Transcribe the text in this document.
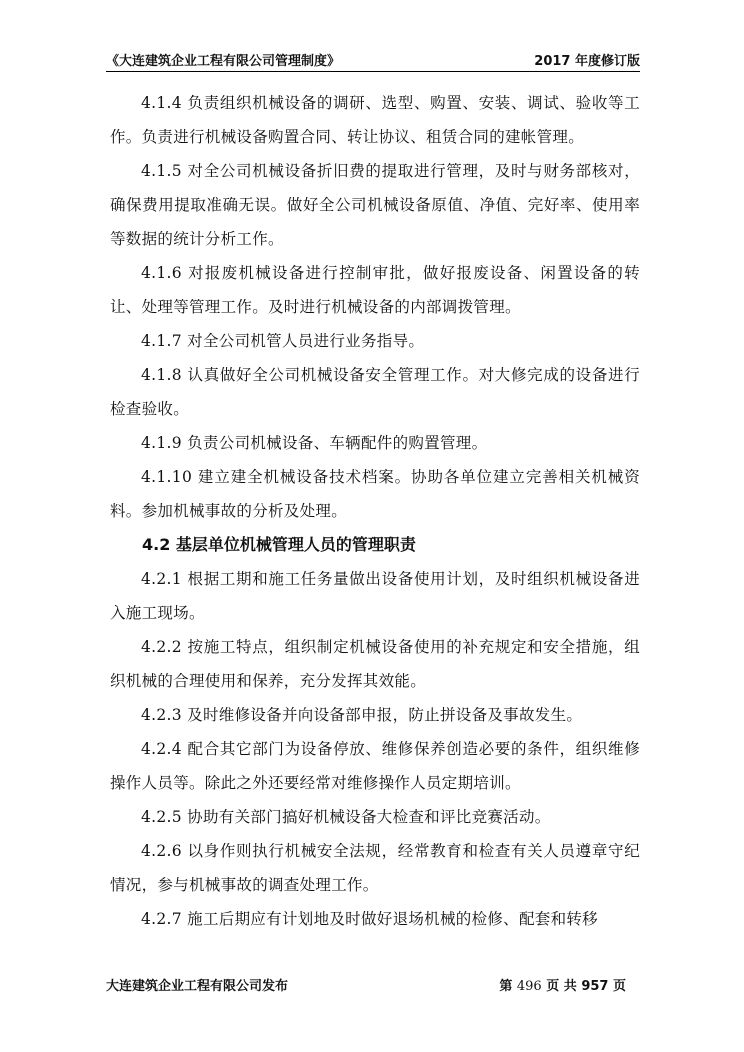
《大连建筑企业工程有限公司管理制度》	2017 年度修订版

4.1.4 负责组织机械设备的调研、选型、购置、安装、调试、验收等工作。负责进行机械设备购置合同、转让协议、租赁合同的建帐管理。

4.1.5 对全公司机械设备折旧费的提取进行管理，及时与财务部核对，确保费用提取准确无误。做好全公司机械设备原值、净值、完好率、使用率等数据的统计分析工作。

4.1.6 对报废机械设备进行控制审批，做好报废设备、闲置设备的转让、处理等管理工作。及时进行机械设备的内部调拨管理。

4.1.7 对全公司机管人员进行业务指导。

4.1.8 认真做好全公司机械设备安全管理工作。对大修完成的设备进行检查验收。

4.1.9 负责公司机械设备、车辆配件的购置管理。

4.1.10 建立建全机械设备技术档案。协助各单位建立完善相关机械资料。参加机械事故的分析及处理。

4.2 基层单位机械管理人员的管理职责

4.2.1 根据工期和施工任务量做出设备使用计划，及时组织机械设备进入施工现场。

4.2.2 按施工特点，组织制定机械设备使用的补充规定和安全措施，组织机械的合理使用和保养，充分发挥其效能。

4.2.3 及时维修设备并向设备部申报，防止拼设备及事故发生。

4.2.4 配合其它部门为设备停放、维修保养创造必要的条件，组织维修操作人员等。除此之外还要经常对维修操作人员定期培训。

4.2.5 协助有关部门搞好机械设备大检查和评比竞赛活动。

4.2.6 以身作则执行机械安全法规，经常教育和检查有关人员遵章守纪情况，参与机械事故的调查处理工作。

4.2.7 施工后期应有计划地及时做好退场机械的检修、配套和转移

大连建筑企业工程有限公司发布	第 496 页 共 957 页
